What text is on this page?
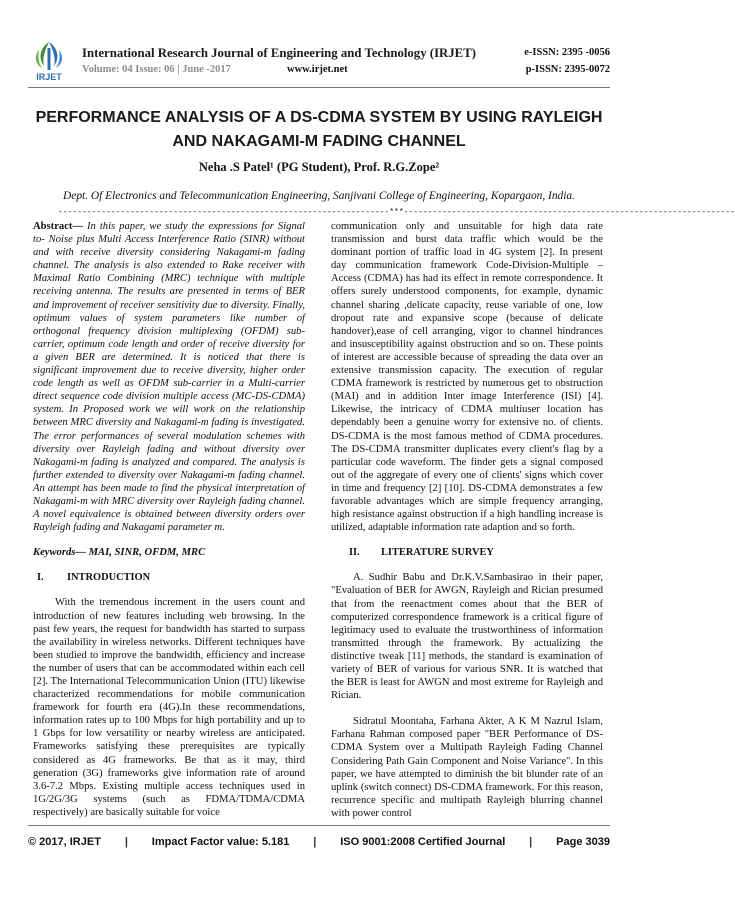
IRJET
International Research Journal of Engineering and Technology (IRJET)	e-ISSN: 2395 -0056
Volume: 04 Issue: 06 | June -2017	www.irjet.net	p-ISSN: 2395-0072
PERFORMANCE ANALYSIS OF A DS-CDMA SYSTEM BY USING RAYLEIGH AND NAKAGAMI-M FADING CHANNEL
Neha .S Patel¹ (PG Student), Prof. R.G.Zope²
Dept. Of Electronics and Telecommunication Engineering, Sanjivani College of Engineering, Kopargaon, India.
---------------------------------------------------------------------***---------------------------------------------------------------------

Abstract— In this paper, we study the expressions for Signal to- Noise plus Multi Access Interference Ratio (SINR) without and with receive diversity considering Nakagami-m fading channel. The analysis is also extended to Rake receiver with Maximal Ratio Combining (MRC) technique with multiple receiving antenna. The results are presented in terms of BER and improvement of receiver sensitivity due to diversity. Finally, optimum values of system parameters like number of orthogonal frequency division multiplexing (OFDM) sub-carrier, optimum code length and order of receive diversity for a given BER are determined. It is noticed that there is significant improvement due to receive diversity, higher order code length as well as OFDM sub-carrier in a Multi-carrier direct sequence code division multiple access (MC-DS-CDMA) system. In Proposed work we will work on the relationship between MRC diversity and Nakagami-m fading is investigated. The error performances of several modulation schemes with diversity over Rayleigh fading and without diversity over Nakagami-m fading is analyzed and compared. The analysis is further extended to diversity over Nakagami-m fading channel. An attempt has been made to find the physical interpretation of Nakagami-m with MRC diversity over Rayleigh fading channel. A novel equivalence is obtained between diversity orders over Rayleigh fading and Nakagami parameter m.

Keywords— MAI, SINR, OFDM, MRC

I. INTRODUCTION

With the tremendous increment in the users count and introduction of new features including web browsing. In the past few years, the request for bandwidth has started to surpass the availability in wireless networks. Different techniques have been studied to improve the bandwidth, efficiency and increase the number of users that can be accommodated within each cell [2]. The International Telecommunication Union (ITU) likewise characterized recommendations for mobile communication framework for fourth era (4G).In these recommendations, information rates up to 100 Mbps for high portability and up to 1 Gbps for low versatility or nearby wireless are anticipated. Frameworks satisfying these prerequisites are typically considered as 4G frameworks. Be that as it may, third generation (3G) frameworks give information rate of around 3.6-7.2 Mbps. Existing multiple access techniques used in 1G/2G/3G systems (such as FDMA/TDMA/CDMA respectively) are basically suitable for voice

communication only and unsuitable for high data rate transmission and burst data traffic which would be the dominant portion of traffic load in 4G system [2]. In present day communication framework Code-Division-Multiple –Access (CDMA) has had its effect in remote correspondence. It offers surely understood components, for example, dynamic channel sharing ,delicate capacity, reuse variable of one, low dropout rate and expansive scope (because of delicate handover),ease of cell arranging, vigor to channel hindrances and insusceptibility against obstruction and so on. These points of interest are accessible because of spreading the data over an extensive transmission capacity. The execution of regular CDMA framework is restricted by numerous get to obstruction (MAI) and in addition Inter image Interference (ISI) [4]. Likewise, the intricacy of CDMA multiuser location has dependably been a genuine worry for extensive no. of clients. DS-CDMA is the most famous method of CDMA procedures. The DS-CDMA transmitter duplicates every client's flag by a particular code waveform. The finder gets a signal composed out of the aggregate of every one of clients' signs which cover in time and frequency [2] [10]. DS-CDMA demonstrates a few favorable advantages which are simple frequency arranging, high resistance against obstruction if a high handling increase is utilized, adaptable information rate adaption and so forth.

II. LITERATURE SURVEY

A. Sudhir Babu and Dr.K.V.Sambasirao in their paper, "Evaluation of BER for AWGN, Rayleigh and Rician presumed that from the reenactment comes about that the BER of computerized correspondence framework is a critical figure of legitimacy used to evaluate the trustworthiness of information transmitted through the framework. By actualizing the distinctive tweak [11] methods, the standard is examination of variety of BER of various for various SNR. It is watched that the BER is least for AWGN and most extreme for Rayleigh and Rician.

Sidratul Moontaha, Farhana Akter, A K M Nazrul Islam, Farhana Rahman composed paper "BER Performance of DS-CDMA System over a Multipath Rayleigh Fading Channel Considering Path Gain Component and Noise Variance". In this paper, we have attempted to diminish the bit blunder rate of an uplink (switch connect) DS-CDMA framework. For this reason, recurrence specific and multipath Rayleigh blurring channel with power control

© 2017, IRJET | Impact Factor value: 5.181 | ISO 9001:2008 Certified Journal | Page 3039
